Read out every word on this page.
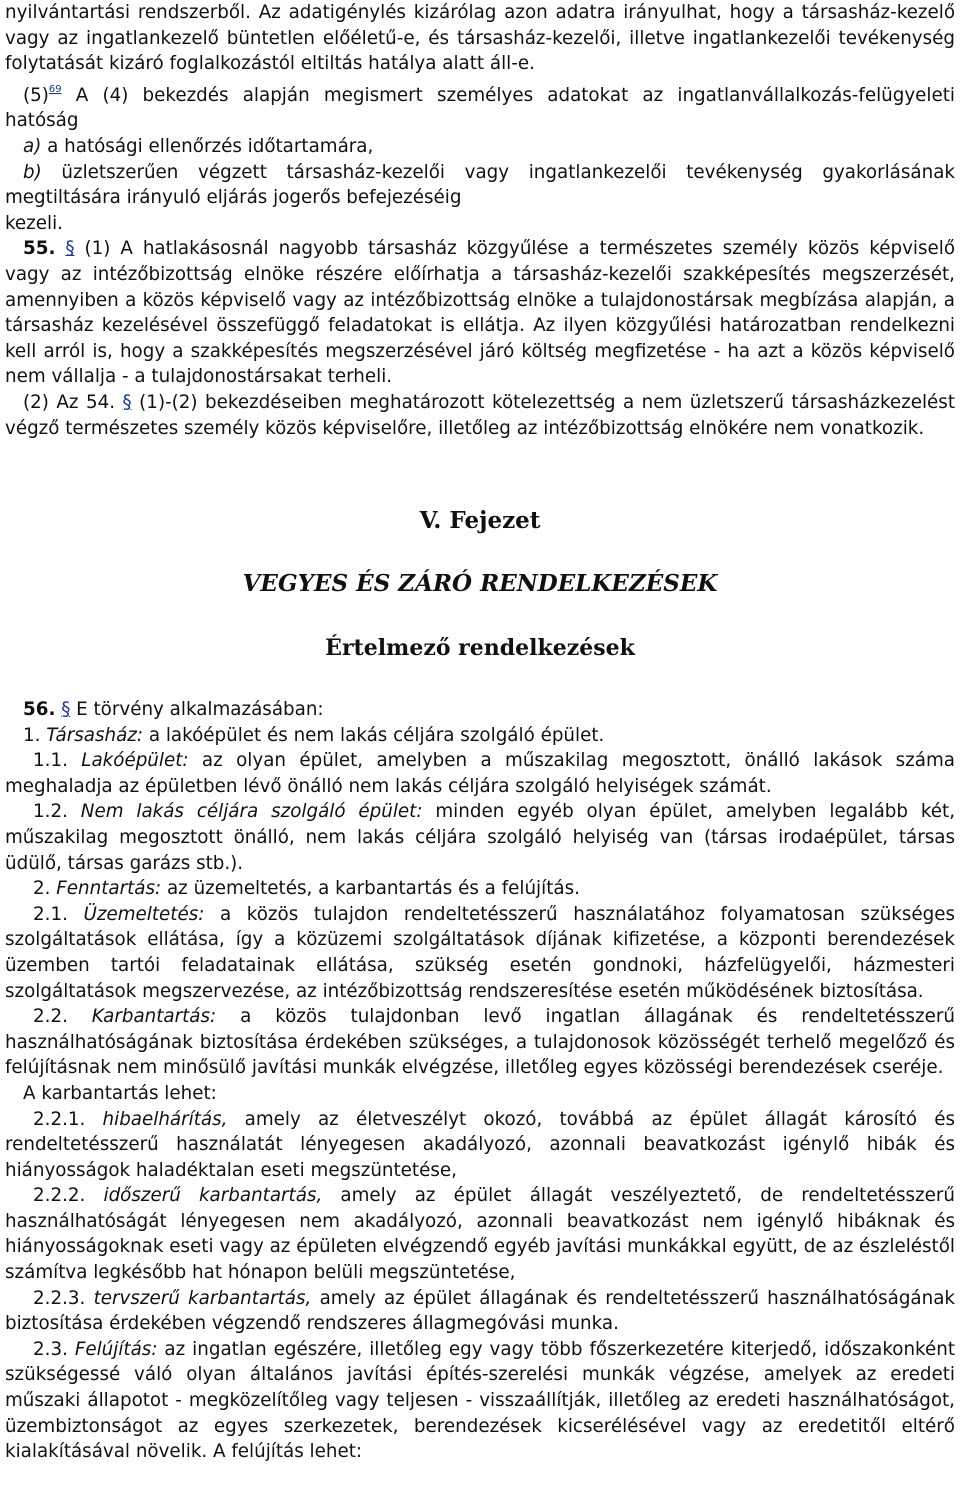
nyilvántartási rendszerből. Az adatigénylés kizárólag azon adatra irányulhat, hogy a társasház-kezelő vagy az ingatlankezelő büntetlen előéletű-e, és társasház-kezelői, illetve ingatlankezelői tevékenység folytatását kizáró foglalkozástól eltiltás hatálya alatt áll-e.

$(5)^{69}$ A (4) bekezdés alapján megismert személyes adatokat az ingatlanvállalkozás-felügyeleti hatóság

a) a hatósági ellenőrzés időtartamára,

b) üzletszerűen végzett társasház-kezelői vagy ingatlankezelői tevékenység gyakorlásának megtiltására irányuló eljárás jogerős befejezéséig

kezeli.

55. § (1) A hatlakásosnál nagyobb társasház közgyűlése a természetes személy közös képviselő vagy az intézőbizottság elnöke részére előírhatja a társasház-kezelői szakképesítés megszerzését, amennyiben a közös képviselő vagy az intézőbizottság elnöke a tulajdonostársak megbízása alapján, a társasház kezelésével összefüggő feladatokat is ellátja. Az ilyen közgyűlési határozatban rendelkezni kell arról is, hogy a szakképesítés megszerzésével járó költség megfizetése - ha azt a közös képviselő nem vállalja - a tulajdonostársakat terheli.

(2) Az 54. § (1)-(2) bekezdéseiben meghatározott kötelezettség a nem üzletszerű társasházkezelést végző természetes személy közös képviselőre, illetőleg az intézőbizottság elnökére nem vonatkozik.

V. Fejezet
VEGYES ÉS ZÁRÓ RENDELKEZÉSEK
Értelmező rendelkezések

56. § E törvény alkalmazásában:

1. Társasház: a lakóépület és nem lakás céljára szolgáló épület.

1.1. Lakóépület: az olyan épület, amelyben a műszakilag megosztott, önálló lakások száma meghaladja az épületben lévő önálló nem lakás céljára szolgáló helyiségek számát.

1.2. Nem lakás céljára szolgáló épület: minden egyéb olyan épület, amelyben legalább két, műszakilag megosztott önálló, nem lakás céljára szolgáló helyiség van (társas irodaépület, társas üdülő, társas garázs stb.).

2. Fenntartás: az üzemeltetés, a karbantartás és a felújítás.

2.1. Üzemeltetés: a közös tulajdon rendeltetésszerű használatához folyamatosan szükséges szolgáltatások ellátása, így a közüzemi szolgáltatások díjának kifizetése, a központi berendezések üzemben tartói feladatainak ellátása, szükség esetén gondnoki, házfelügyelői, házmesteri szolgáltatások megszervezése, az intézőbizottság rendszeresítése esetén működésének biztosítása.

2.2. Karbantartás: a közös tulajdonban levő ingatlan állagának és rendeltetésszerű használhatóságának biztosítása érdekében szükséges, a tulajdonosok közösségét terhelő megelőző és felújításnak nem minősülő javítási munkák elvégzése, illetőleg egyes közösségi berendezések cseréje.

A karbantartás lehet:

2.2.1. hibaelhárítás, amely az életveszélyt okozó, továbbá az épület állagát károsító és rendeltetésszerű használatát lényegesen akadályozó, azonnali beavatkozást igénylő hibák és hiányosságok haladéktalan eseti megszüntetése,

2.2.2. időszerű karbantartás, amely az épület állagát veszélyeztető, de rendeltetésszerű használhatóságát lényegesen nem akadályozó, azonnali beavatkozást nem igénylő hibáknak és hiányosságoknak eseti vagy az épületen elvégzendő egyéb javítási munkákkal együtt, de az észleléstől számítva legkésőbb hat hónapon belüli megszüntetése,

2.2.3. tervszerű karbantartás, amely az épület állagának és rendeltetésszerű használhatóságának biztosítása érdekében végzendő rendszeres állagmegóvási munka.

2.3. Felújítás: az ingatlan egészére, illetőleg egy vagy több főszerkezetére kiterjedő, időszakonként szükségessé váló olyan általános javítási építés-szerelési munkák végzése, amelyek az eredeti műszaki állapotot - megközelítőleg vagy teljesen - visszaállítják, illetőleg az eredeti használhatóságot, üzembiztonságot az egyes szerkezetek, berendezések kicserélésével vagy az eredetitől eltérő kialakításával növelik. A felújítás lehet:
